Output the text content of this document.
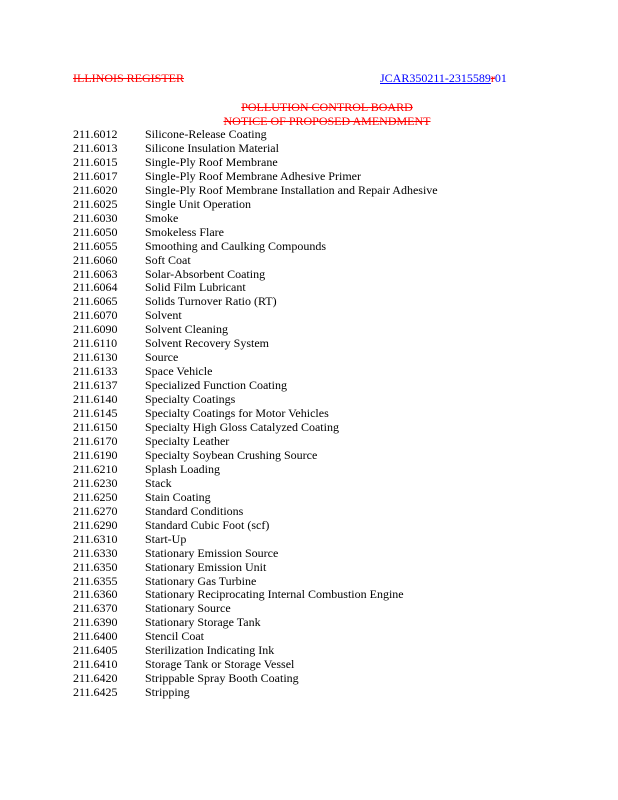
ILLINOIS REGISTER	JCAR350211-2315589r01
POLLUTION CONTROL BOARD
NOTICE OF PROPOSED AMENDMENT
211.6012	Silicone-Release Coating
211.6013	Silicone Insulation Material
211.6015	Single-Ply Roof Membrane
211.6017	Single-Ply Roof Membrane Adhesive Primer
211.6020	Single-Ply Roof Membrane Installation and Repair Adhesive
211.6025	Single Unit Operation
211.6030	Smoke
211.6050	Smokeless Flare
211.6055	Smoothing and Caulking Compounds
211.6060	Soft Coat
211.6063	Solar-Absorbent Coating
211.6064	Solid Film Lubricant
211.6065	Solids Turnover Ratio (RT)
211.6070	Solvent
211.6090	Solvent Cleaning
211.6110	Solvent Recovery System
211.6130	Source
211.6133	Space Vehicle
211.6137	Specialized Function Coating
211.6140	Specialty Coatings
211.6145	Specialty Coatings for Motor Vehicles
211.6150	Specialty High Gloss Catalyzed Coating
211.6170	Specialty Leather
211.6190	Specialty Soybean Crushing Source
211.6210	Splash Loading
211.6230	Stack
211.6250	Stain Coating
211.6270	Standard Conditions
211.6290	Standard Cubic Foot (scf)
211.6310	Start-Up
211.6330	Stationary Emission Source
211.6350	Stationary Emission Unit
211.6355	Stationary Gas Turbine
211.6360	Stationary Reciprocating Internal Combustion Engine
211.6370	Stationary Source
211.6390	Stationary Storage Tank
211.6400	Stencil Coat
211.6405	Sterilization Indicating Ink
211.6410	Storage Tank or Storage Vessel
211.6420	Strippable Spray Booth Coating
211.6425	Stripping
